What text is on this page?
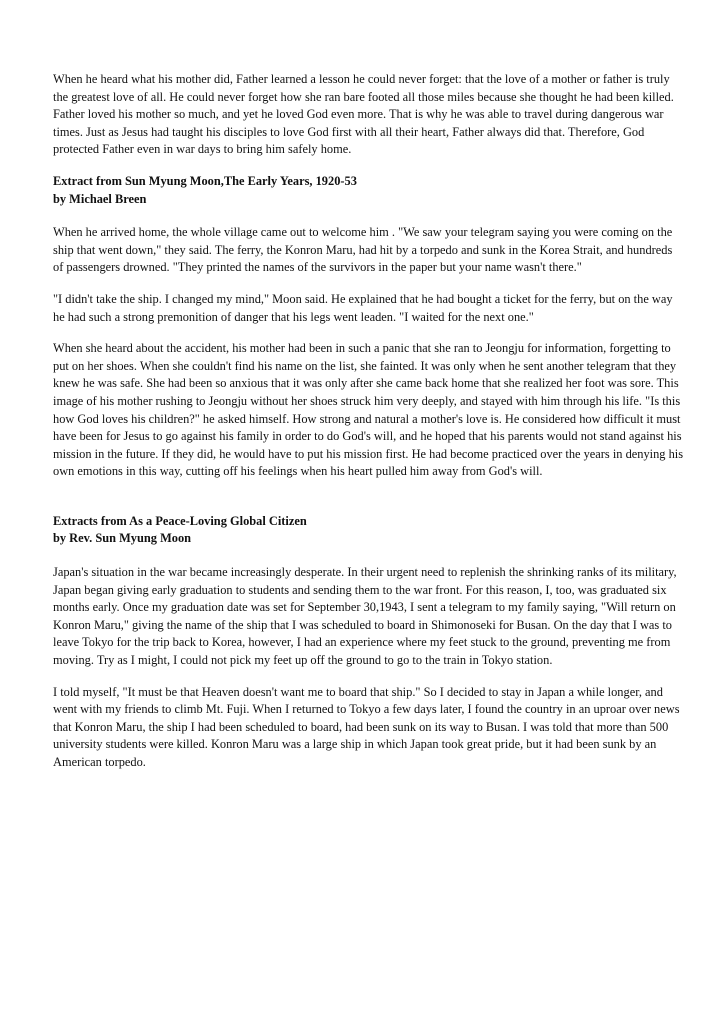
When he heard what his mother did, Father learned a lesson he could never forget: that the love of a mother or father is truly the greatest love of all. He could never forget how she ran bare footed all those miles because she thought he had been killed. Father loved his mother so much, and yet he loved God even more. That is why he was able to travel during dangerous war times. Just as Jesus had taught his disciples to love God first with all their heart, Father always did that. Therefore, God protected Father even in war days to bring him safely home.

Extract from Sun Myung Moon,The Early Years, 1920-53
by Michael Breen

When he arrived home, the whole village came out to welcome him . "We saw your telegram saying you were coming on the ship that went down," they said. The ferry, the Konron Maru, had hit by a torpedo and sunk in the Korea Strait, and hundreds of passengers drowned. "They printed the names of the survivors in the paper but your name wasn't there."

"I didn't take the ship. I changed my mind," Moon said. He explained that he had bought a ticket for the ferry, but on the way he had such a strong premonition of danger that his legs went leaden. "I waited for the next one."

When she heard about the accident, his mother had been in such a panic that she ran to Jeongju for information, forgetting to put on her shoes. When she couldn't find his name on the list, she fainted. It was only when he sent another telegram that they knew he was safe. She had been so anxious that it was only after she came back home that she realized her foot was sore. This image of his mother rushing to Jeongju without her shoes struck him very deeply, and stayed with him through his life. "Is this how God loves his children?" he asked himself. How strong and natural a mother's love is. He considered how difficult it must have been for Jesus to go against his family in order to do God's will, and he hoped that his parents would not stand against his mission in the future. If they did, he would have to put his mission first. He had become practiced over the years in denying his own emotions in this way, cutting off his feelings when his heart pulled him away from God's will.

Extracts from As a Peace-Loving Global Citizen
by Rev. Sun Myung Moon

Japan's situation in the war became increasingly desperate. In their urgent need to replenish the shrinking ranks of its military, Japan began giving early graduation to students and sending them to the war front. For this reason, I, too, was graduated six months early. Once my graduation date was set for September 30,1943, I sent a telegram to my family saying, "Will return on Konron Maru," giving the name of the ship that I was scheduled to board in Shimonoseki for Busan. On the day that I was to leave Tokyo for the trip back to Korea, however, I had an experience where my feet stuck to the ground, preventing me from moving. Try as I might, I could not pick my feet up off the ground to go to the train in Tokyo station.

I told myself, "It must be that Heaven doesn't want me to board that ship." So I decided to stay in Japan a while longer, and went with my friends to climb Mt. Fuji. When I returned to Tokyo a few days later, I found the country in an uproar over news that Konron Maru, the ship I had been scheduled to board, had been sunk on its way to Busan. I was told that more than 500 university students were killed. Konron Maru was a large ship in which Japan took great pride, but it had been sunk by an American torpedo.
